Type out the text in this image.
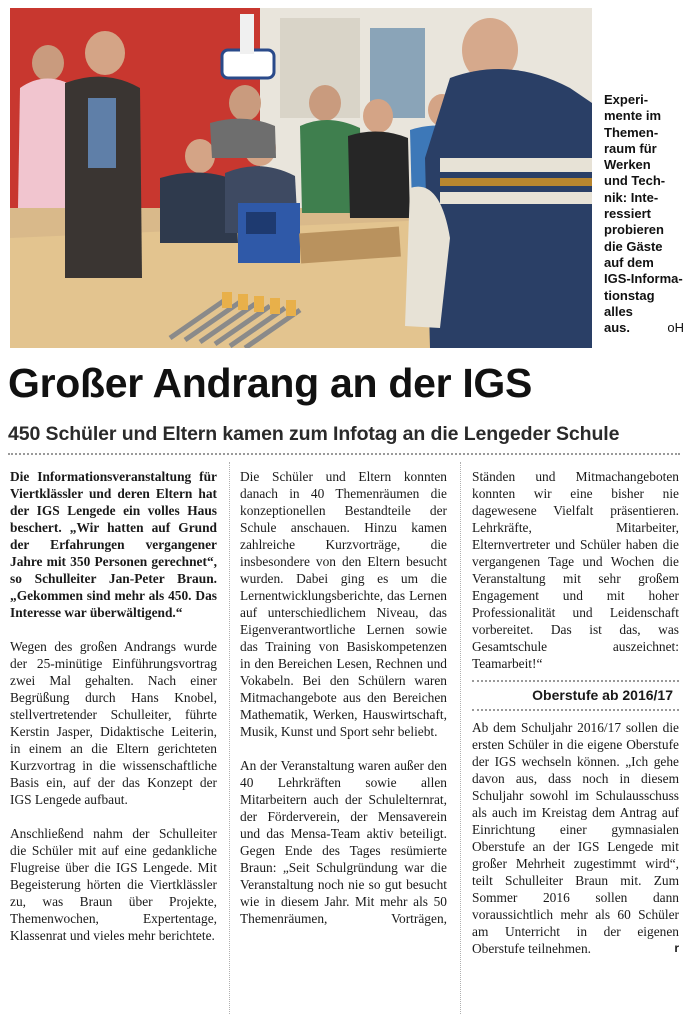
Experi-
mente im
Themen-
raum für
Werken
und Tech-
nik: Inte-
ressiert
probieren
die Gäste
auf dem
IGS-Informa-
tionstag alles
aus.	oH
Großer Andrang an der IGS
450 Schüler und Eltern kamen zum Infotag an die Lengeder Schule

Die Informationsveranstaltung für Viertklässler und deren Eltern hat der IGS Lengede ein volles Haus beschert. „Wir hatten auf Grund der Erfahrungen vergangener Jahre mit 350 Personen gerechnet“, so Schulleiter Jan-Peter Braun. „Gekommen sind mehr als 450. Das Interesse war überwältigend.“

Wegen des großen Andrangs wurde der 25-minütige Einführungsvortrag zwei Mal gehalten. Nach einer Begrüßung durch Hans Knobel, stellvertretender Schulleiter, führte Kerstin Jasper, Didaktische Leiterin, in einem an die Eltern gerichteten Kurzvortrag in die wissenschaftliche Basis ein, auf der das Konzept der IGS Lengede aufbaut.

Anschließend nahm der Schulleiter die Schüler mit auf eine gedankliche Flugreise über die IGS Lengede. Mit Begeisterung hörten die Viertklässler zu, was Braun über Projekte, Themenwochen, Expertentage, Klassenrat und vieles mehr berichtete.

Die Schüler und Eltern konnten danach in 40 Themenräumen die konzeptionellen Bestandteile der Schule anschauen. Hinzu kamen zahlreiche Kurzvorträge, die insbesondere von den Eltern besucht wurden. Dabei ging es um die Lernentwicklungsberichte, das Lernen auf unterschiedlichem Niveau, das Eigenverantwortliche Lernen sowie das Training von Basiskompetenzen in den Bereichen Lesen, Rechnen und Vokabeln. Bei den Schülern waren Mitmachangebote aus den Bereichen Mathematik, Werken, Hauswirtschaft, Musik, Kunst und Sport sehr beliebt.

An der Veranstaltung waren außer den 40 Lehrkräften sowie allen Mitarbeitern auch der Schulelternrat, der Förderverein, der Mensaverein und das Mensa-Team aktiv beteiligt. Gegen Ende des Tages resümierte Braun: „Seit Schulgründung war die Veranstaltung noch nie so gut besucht wie in diesem Jahr. Mit mehr als 50 Themenräumen, Vorträgen,

Ständen und Mitmachangeboten konnten wir eine bisher nie dagewesene Vielfalt präsentieren. Lehrkräfte, Mitarbeiter, Elternvertreter und Schüler haben die vergangenen Tage und Wochen die Veranstaltung mit sehr großem Engagement und mit hoher Professionalität und Leidenschaft vorbereitet. Das ist das, was Gesamtschule auszeichnet: Teamarbeit!“

Oberstufe ab 2016/17

Ab dem Schuljahr 2016/17 sollen die ersten Schüler in die eigene Oberstufe der IGS wechseln können. „Ich gehe davon aus, dass noch in diesem Schuljahr sowohl im Schulausschuss als auch im Kreistag dem Antrag auf Einrichtung einer gymnasialen Oberstufe an der IGS Lengede mit großer Mehrheit zugestimmt wird“, teilt Schulleiter Braun mit. Zum Sommer 2016 sollen dann voraussichtlich mehr als 60 Schüler am Unterricht in der eigenen Oberstufe teilnehmen.	r
